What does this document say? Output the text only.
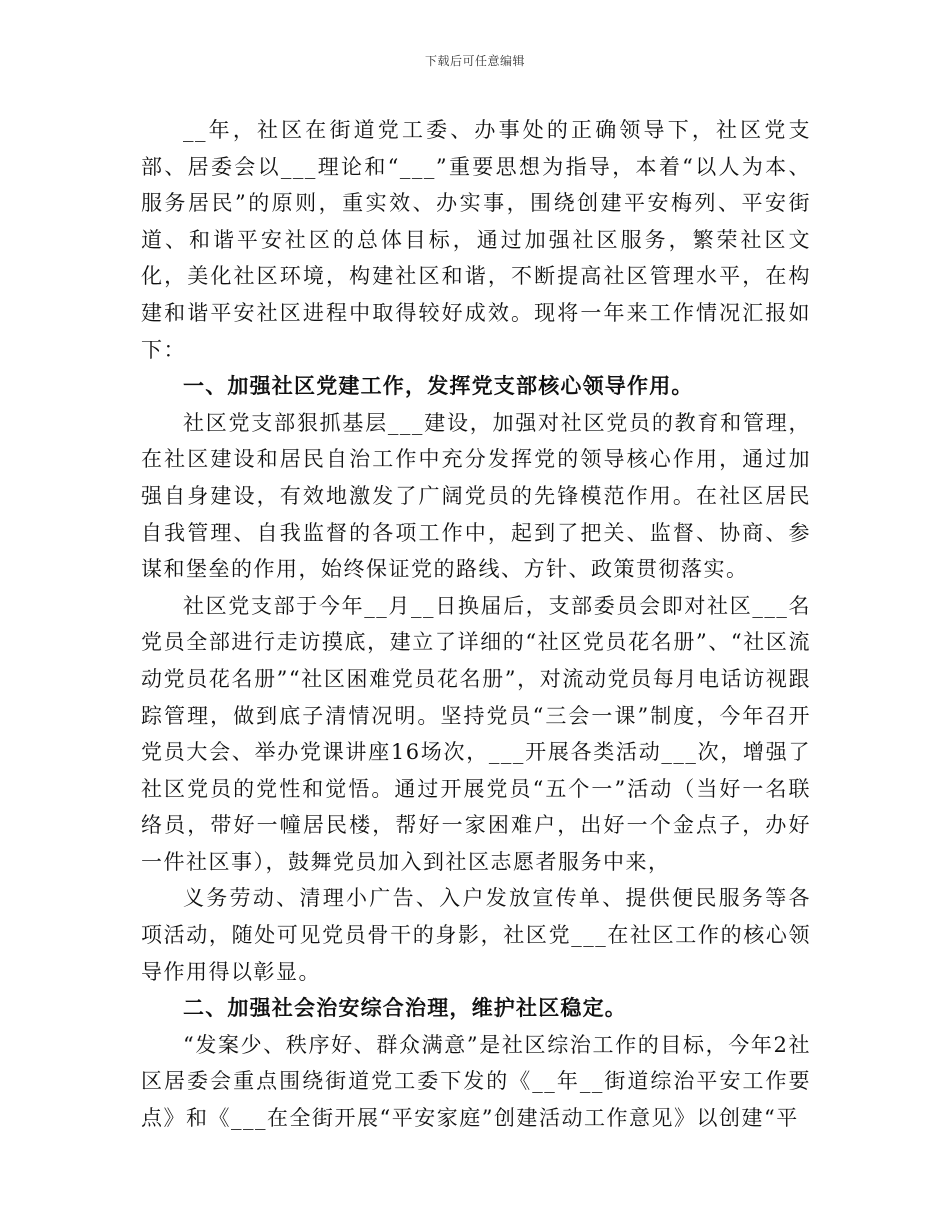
下载后可任意编辑

__年，社区在街道党工委、办事处的正确领导下，社区党支部、居委会以___理论和“___”重要思想为指导，本着“以人为本、服务居民”的原则，重实效、办实事，围绕创建平安梅列、平安街道、和谐平安社区的总体目标，通过加强社区服务，繁荣社区文化，美化社区环境，构建社区和谐，不断提高社区管理水平，在构建和谐平安社区进程中取得较好成效。现将一年来工作情况汇报如下：

一、加强社区党建工作，发挥党支部核心领导作用。

社区党支部狠抓基层___建设，加强对社区党员的教育和管理，在社区建设和居民自治工作中充分发挥党的领导核心作用，通过加强自身建设，有效地激发了广阔党员的先锋模范作用。在社区居民自我管理、自我监督的各项工作中，起到了把关、监督、协商、参谋和堡垒的作用，始终保证党的路线、方针、政策贯彻落实。

社区党支部于今年__月__日换届后，支部委员会即对社区___名党员全部进行走访摸底，建立了详细的“社区党员花名册”、“社区流动党员花名册”“社区困难党员花名册”，对流动党员每月电话访视跟踪管理，做到底子清情况明。坚持党员“三会一课”制度，今年召开党员大会、举办党课讲座16场次，___开展各类活动___次，增强了社区党员的党性和觉悟。通过开展党员“五个一”活动（当好一名联络员，带好一幢居民楼，帮好一家困难户，出好一个金点子，办好一件社区事），鼓舞党员加入到社区志愿者服务中来，

义务劳动、清理小广告、入户发放宣传单、提供便民服务等各项活动，随处可见党员骨干的身影，社区党___在社区工作的核心领导作用得以彰显。

二、加强社会治安综合治理，维护社区稳定。

“发案少、秩序好、群众满意”是社区综治工作的目标，今年2社区居委会重点围绕街道党工委下发的《__年__街道综治平安工作要点》和《___在全街开展“平安家庭”创建活动工作意见》以创建“平
